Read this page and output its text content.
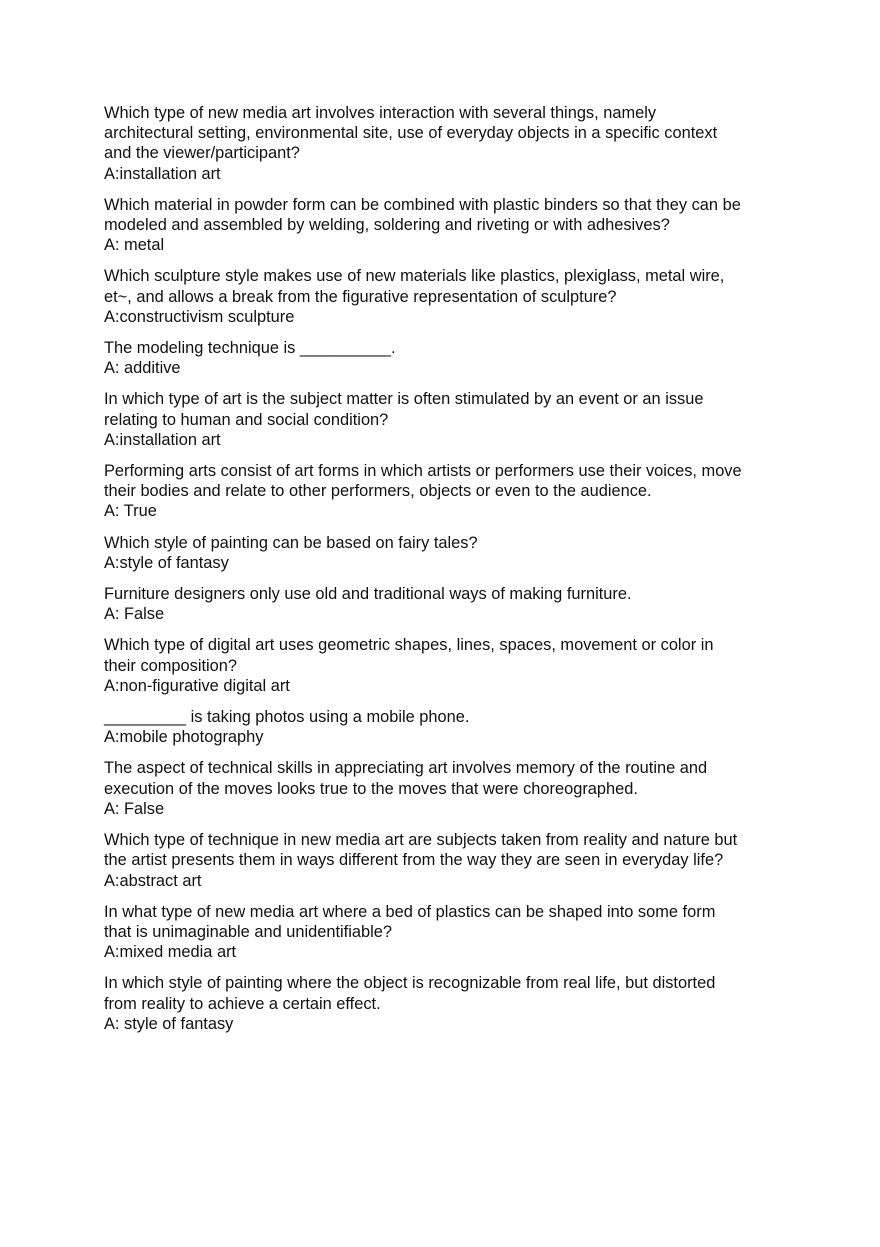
Which type of new media art involves interaction with several things, namely
architectural setting, environmental site, use of everyday objects in a specific context
and the viewer/participant?
A:installation art
Which material in powder form can be combined with plastic binders so that they can be
modeled and assembled by welding, soldering and riveting or with adhesives?
A: metal
Which sculpture style makes use of new materials like plastics, plexiglass, metal wire,
et~, and allows a break from the figurative representation of sculpture?
A:constructivism sculpture
The modeling technique is __________.
A: additive
In which type of art is the subject matter is often stimulated by an event or an issue
relating to human and social condition?
A:installation art
Performing arts consist of art forms in which artists or performers use their voices, move
their bodies and relate to other performers, objects or even to the audience.
A: True
Which style of painting can be based on fairy tales?
A:style of fantasy
Furniture designers only use old and traditional ways of making furniture.
A: False
Which type of digital art uses geometric shapes, lines, spaces, movement or color in
their composition?
A:non-figurative digital art
_________ is taking photos using a mobile phone.
A:mobile photography
The aspect of technical skills in appreciating art involves memory of the routine and
execution of the moves looks true to the moves that were choreographed.
A: False
Which type of technique in new media art are subjects taken from reality and nature but
the artist presents them in ways different from the way they are seen in everyday life?
A:abstract art
In what type of new media art where a bed of plastics can be shaped into some form
that is unimaginable and unidentifiable?
A:mixed media art
In which style of painting where the object is recognizable from real life, but distorted
from reality to achieve a certain effect.
A: style of fantasy
